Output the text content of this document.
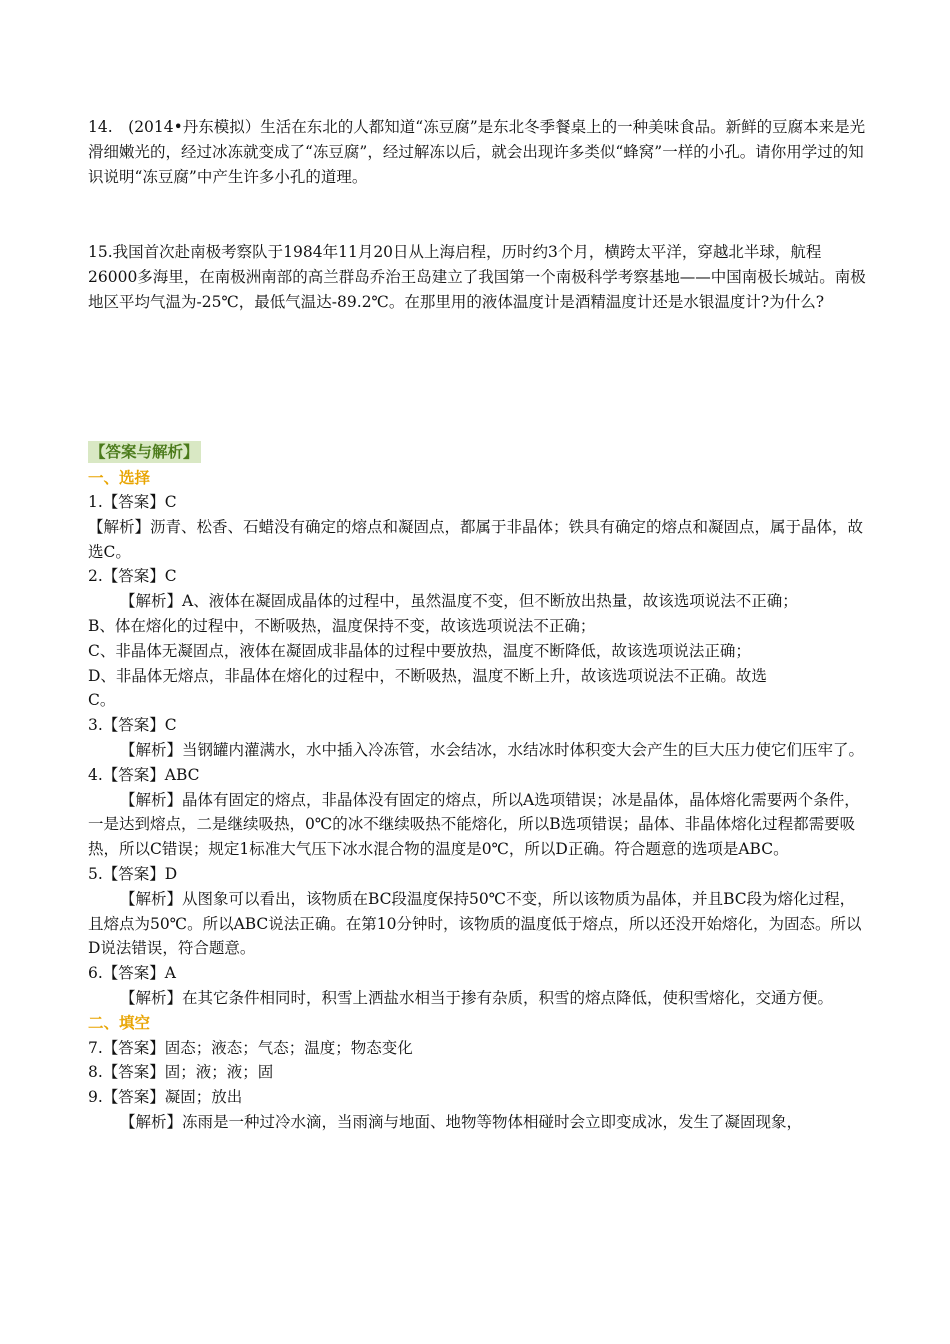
14.　(2014•丹东模拟）生活在东北的人都知道“冻豆腐”是东北冬季餐桌上的一种美味食品。新鲜的豆腐本来是光滑细嫩光的，经过冰冻就变成了“冻豆腐”，经过解冻以后，就会出现许多类似“蜂窝”一样的小孔。请你用学过的知识说明“冻豆腐”中产生许多小孔的道理。

15.我国首次赴南极考察队于1984年11月20日从上海启程，历时约3个月，横跨太平洋，穿越北半球，航程26000多海里，在南极洲南部的高兰群岛乔治王岛建立了我国第一个南极科学考察基地——中国南极长城站。南极地区平均气温为-25℃，最低气温达-89.2℃。在那里用的液体温度计是酒精温度计还是水银温度计?为什么?

【答案与解析】
一、选择
1.【答案】C
【解析】沥青、松香、石蜡没有确定的熔点和凝固点，都属于非晶体；铁具有确定的熔点和凝固点，属于晶体，故选C。
2.【答案】C
【解析】A、液体在凝固成晶体的过程中，虽然温度不变，但不断放出热量，故该选项说法不正确；
B、体在熔化的过程中，不断吸热，温度保持不变，故该选项说法不正确；
C、非晶体无凝固点，液体在凝固成非晶体的过程中要放热，温度不断降低，故该选项说法正确；
D、非晶体无熔点，非晶体在熔化的过程中，不断吸热，温度不断上升，故该选项说法不正确。故选
C。
3.【答案】C
【解析】当钢罐内灌满水，水中插入冷冻管，水会结冰，水结冰时体积变大会产生的巨大压力使它们压牢了。
4.【答案】ABC
【解析】晶体有固定的熔点，非晶体没有固定的熔点，所以A选项错误；冰是晶体，晶体熔化需要两个条件，一是达到熔点，二是继续吸热，0℃的冰不继续吸热不能熔化，所以B选项错误；晶体、非晶体熔化过程都需要吸热，所以C错误；规定1标准大气压下冰水混合物的温度是0℃，所以D正确。符合题意的选项是ABC。
5.【答案】D
【解析】从图象可以看出，该物质在BC段温度保持50℃不变，所以该物质为晶体，并且BC段为熔化过程，且熔点为50℃。所以ABC说法正确。在第10分钟时，该物质的温度低于熔点，所以还没开始熔化，为固态。所以D说法错误，符合题意。
6.【答案】A
【解析】在其它条件相同时，积雪上洒盐水相当于掺有杂质，积雪的熔点降低，使积雪熔化，交通方便。
二、填空
7.【答案】固态；液态；气态；温度；物态变化
8.【答案】固；液；液；固
9.【答案】凝固；放出
【解析】冻雨是一种过冷水滴，当雨滴与地面、地物等物体相碰时会立即变成冰，发生了凝固现象，
